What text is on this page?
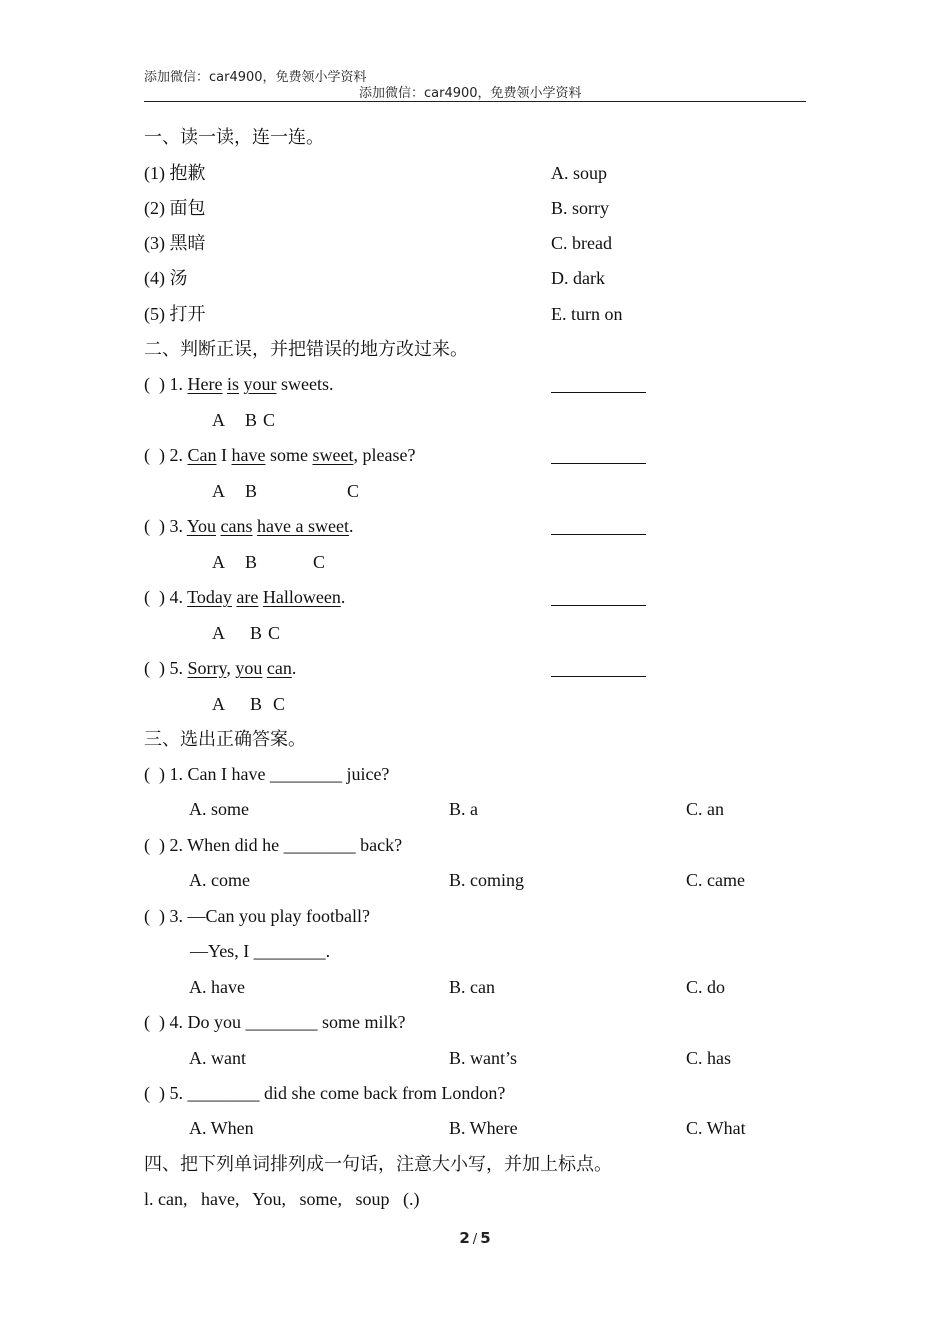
添加微信：car4900，免费领小学资料
添加微信：car4900，免费领小学资料
一、读一读，连一连。
(1) 抱歉
(2) 面包
(3) 黑暗
(4) 汤
(5) 打开
A. soup
B. sorry
C. bread
D. dark
E. turn on
二、判断正误，并把错误的地方改过来。
(  ) 1. Here is your sweets.
A B C
(  ) 2. Can I have some sweet, please?
A B	C
(  ) 3. You cans have a sweet.
A B	C
(  ) 4. Today are Halloween.
A B C
(  ) 5. Sorry, you can.
A B C
三、选出正确答案。
(  ) 1. Can I have ________ juice?
A. some	B. a	C. an
(  ) 2. When did he ________ back?
A. come	B. coming	C. came
(  ) 3. —Can you play football?
—Yes, I ________.
A. have	B. can	C. do
(  ) 4. Do you ________ some milk?
A. want	B. want’s	C. has
(  ) 5. ________ did she come back from London?
A. When	B. Where	C. What
四、把下列单词排列成一句话，注意大小写，并加上标点。
l. can,   have,   You,   some,   soup   (.)
2 / 5
